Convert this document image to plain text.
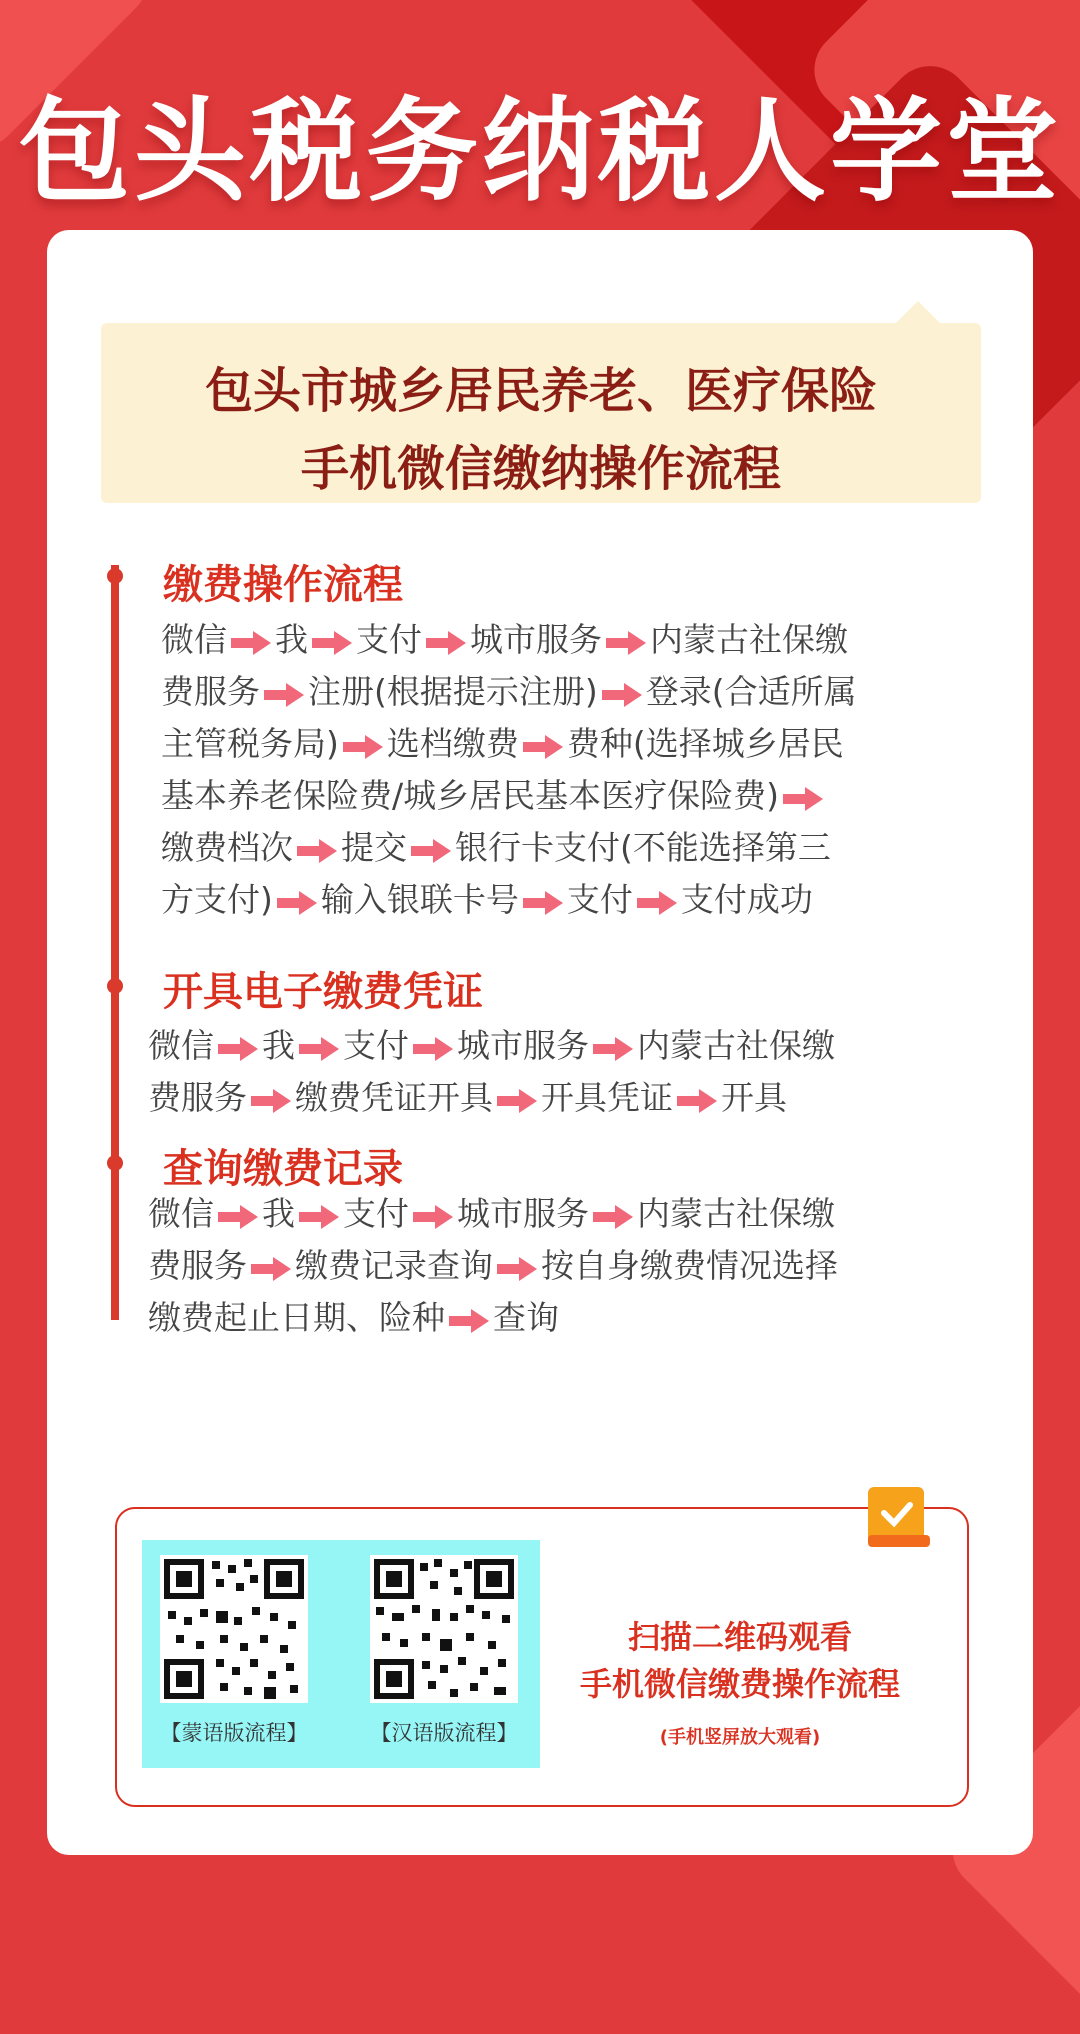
包头税务纳税人学堂
包头市城乡居民养老、医疗保险
手机微信缴纳操作流程
缴费操作流程
微信 我 支付 城市服务 内蒙古社保缴
费服务 注册(根据提示注册) 登录(合适所属
主管税务局) 选档缴费 费种(选择城乡居民
基本养老保险费/城乡居民基本医疗保险费)
缴费档次 提交 银行卡支付(不能选择第三
方支付) 输入银联卡号 支付 支付成功
开具电子缴费凭证
微信 我 支付 城市服务 内蒙古社保缴
费服务 缴费凭证开具 开具凭证 开具
查询缴费记录
微信 我 支付 城市服务 内蒙古社保缴
费服务 缴费记录查询 按自身缴费情况选择
缴费起止日期、险种 查询
【蒙语版流程】	【汉语版流程】
扫描二维码观看
手机微信缴费操作流程
(手机竖屏放大观看)
